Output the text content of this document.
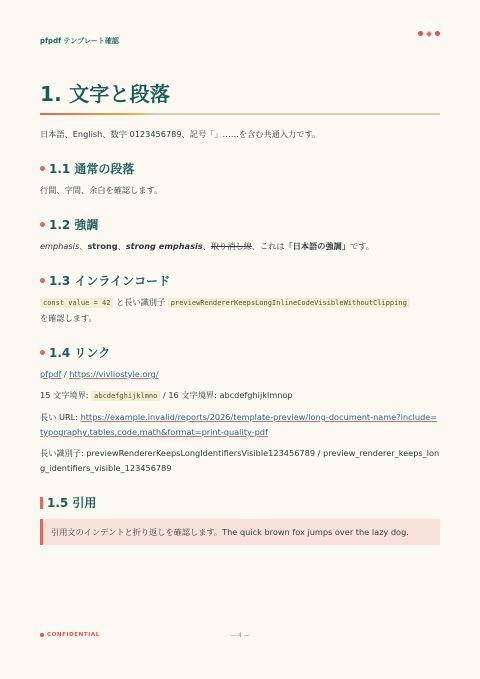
pfpdf テンプレート確認
1. 文字と段落

日本語、English、数字 0123456789、記号「」……を含む共通入力です。

1.1 通常の段落

行間、字間、余白を確認します。

1.2 強調

emphasis、strong、strong emphasis、取り消し線、これは「日本語の強調」です。

1.3 インラインコード

const value = 42 と長い識別子 previewRendererKeepsLongInlineCodeVisibleWithoutClipping
を確認します。

1.4 リンク

pfpdf / https://vivliostyle.org/

15 文字境界: abcdefghijklmno / 16 文字境界: abcdefghijklmnop

長い URL: https://example.invalid/reports/2026/template-preview/long-document-name?include=typography,tables,code,math&format=print-quality-pdf

長い識別子: previewRendererKeepsLongIdentifiersVisible123456789 / preview_renderer_keeps_long_identifiers_visible_123456789

1.5 引用
引用文のインデントと折り返しを確認します。The quick brown fox jumps over the lazy dog.
CONFIDENTIAL	— 4 —
